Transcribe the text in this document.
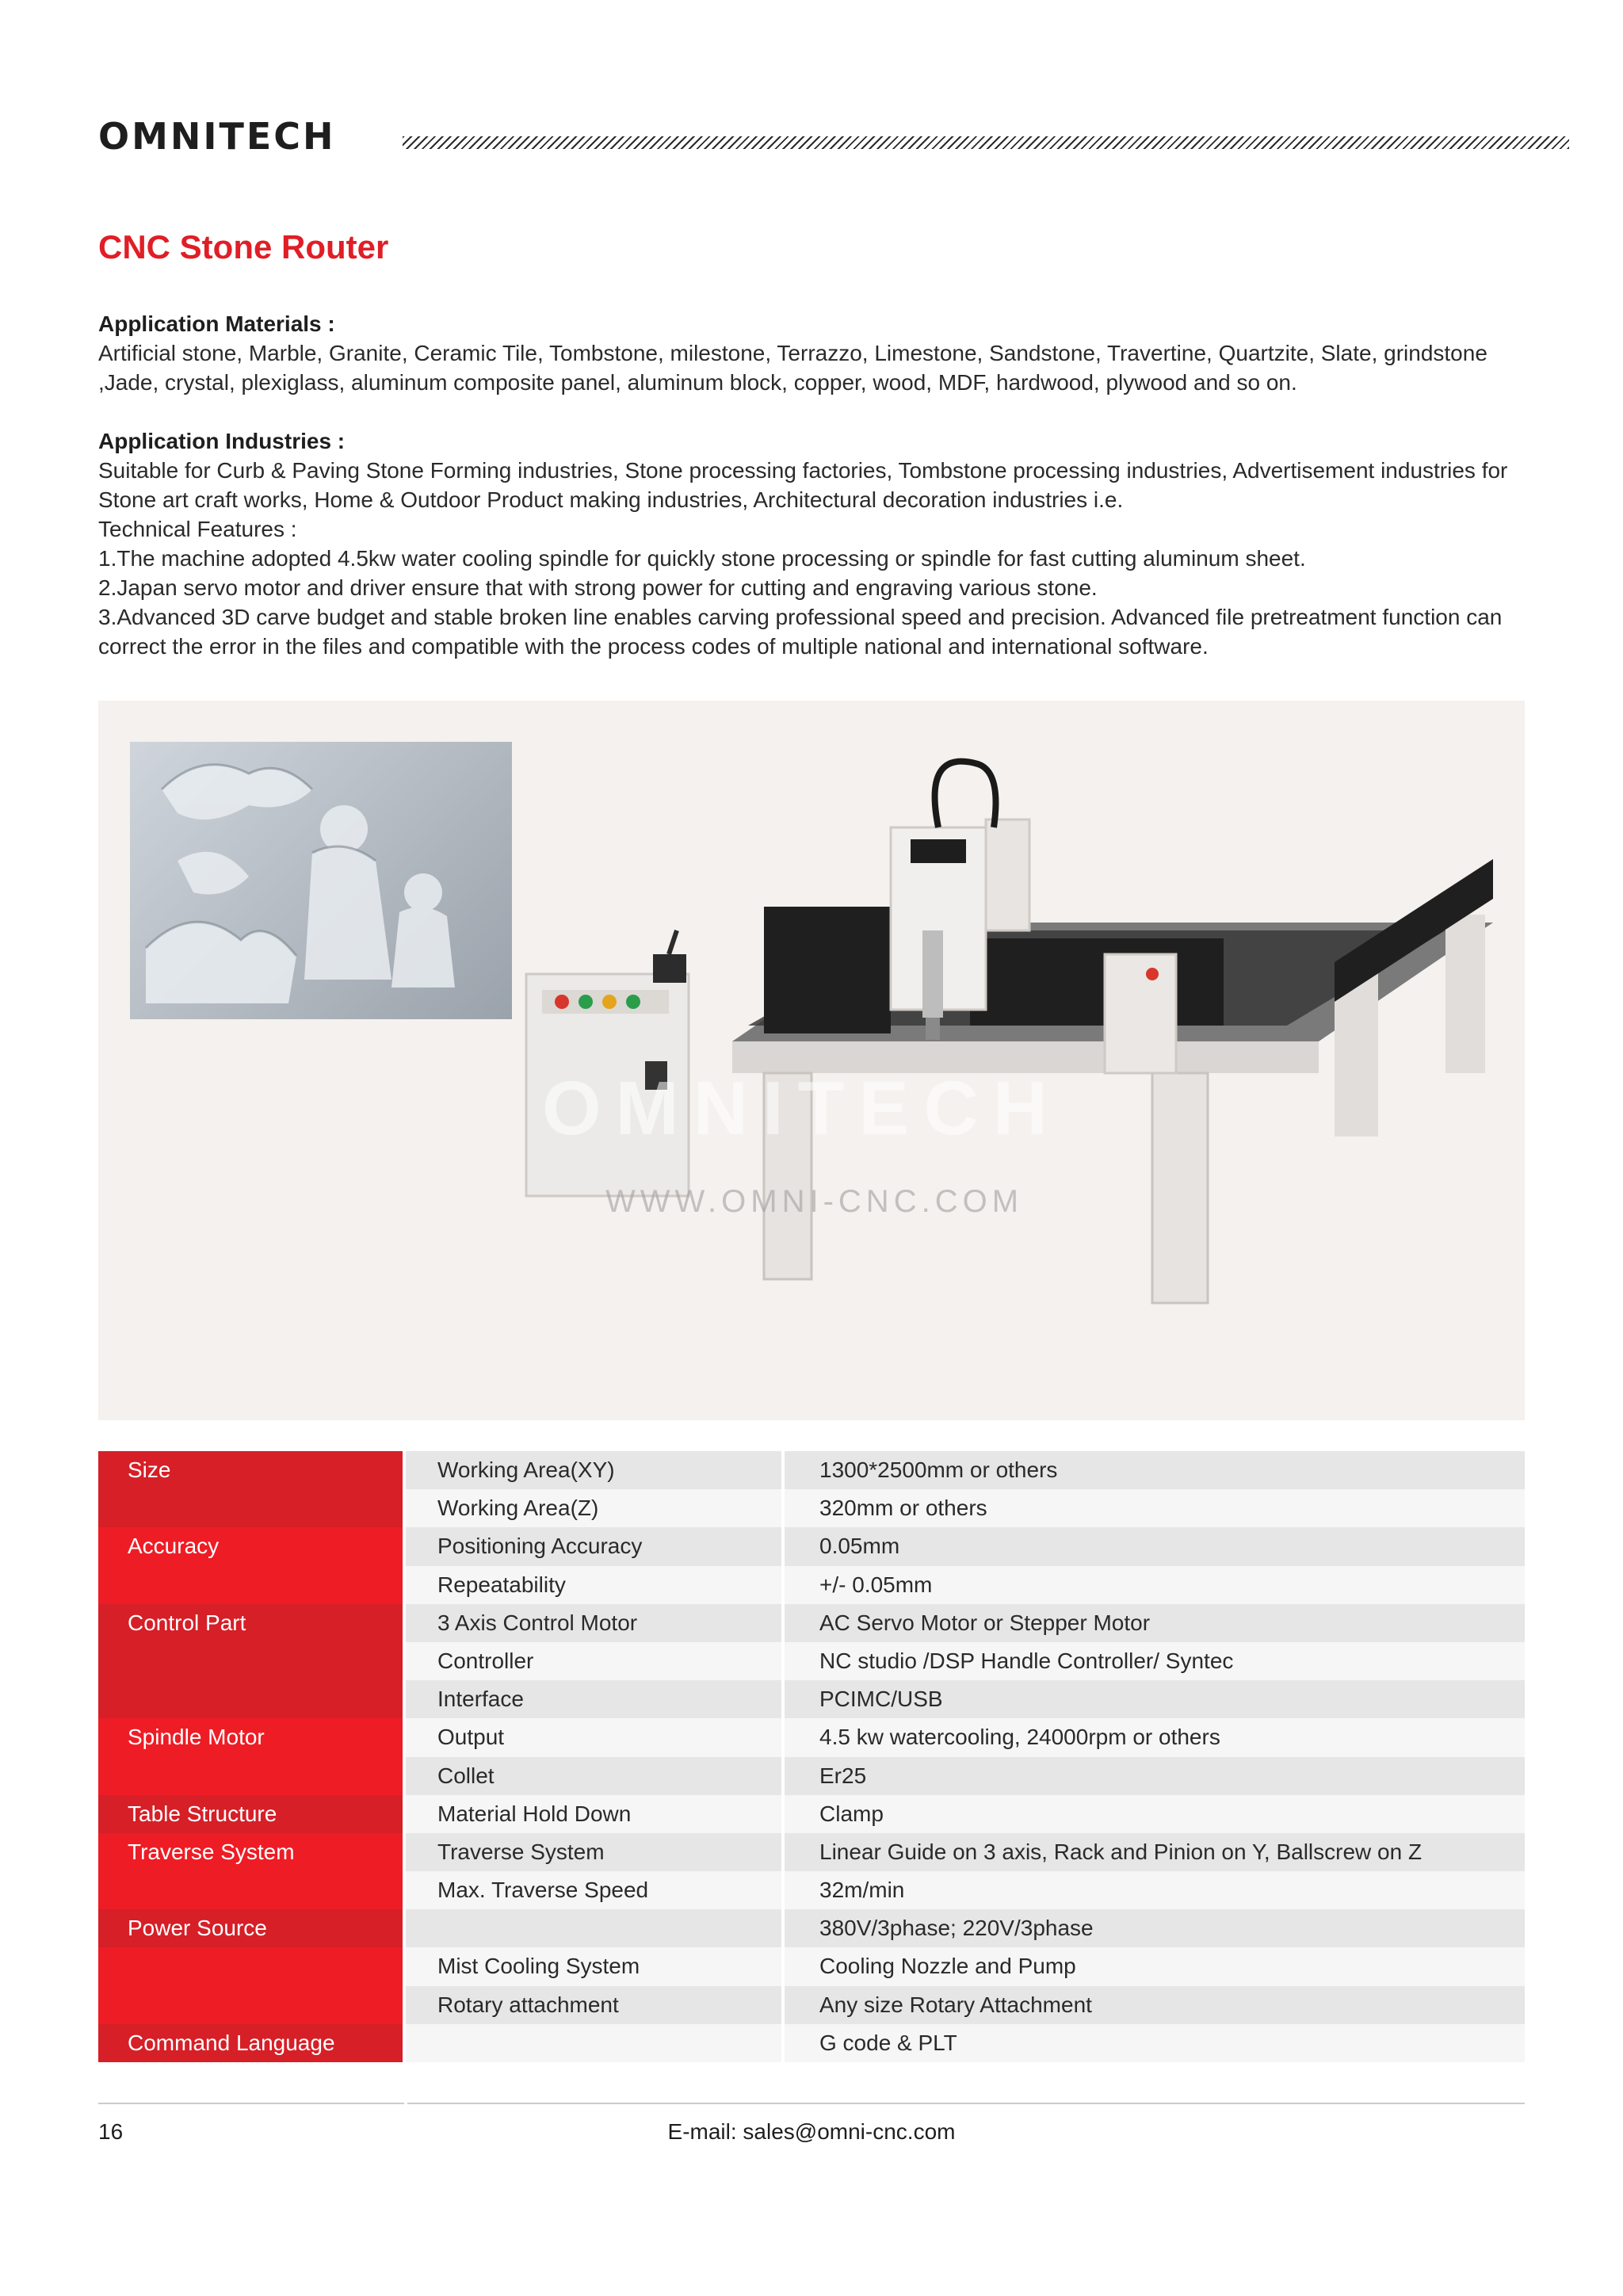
OMNITECH
CNC Stone Router

Application Materials :

Artificial stone, Marble, Granite, Ceramic Tile, Tombstone, milestone, Terrazzo, Limestone, Sandstone, Travertine, Quartzite, Slate, grindstone ,Jade, crystal, plexiglass, aluminum composite panel, aluminum block, copper, wood, MDF, hardwood, plywood and so on.

Application Industries :

Suitable for Curb & Paving Stone Forming industries, Stone processing factories, Tombstone processing industries, Advertisement industries for Stone art craft works, Home & Outdoor Product making industries, Architectural decoration industries i.e.

Technical Features :

1.The machine adopted 4.5kw water cooling spindle for quickly stone processing or spindle for fast cutting aluminum sheet.

2.Japan servo motor and driver ensure that with strong power for cutting and engraving various stone.

3.Advanced 3D carve budget and stable broken line enables carving professional speed and precision. Advanced file pretreatment function can correct the error in the files and compatible with the process codes of multiple national and international software.

OMNITECH
WWW.OMNI-CNC.COM
Size	Working Area(XY)	1300*2500mm or others

	Working Area(Z)	320mm or others

Accuracy	Positioning Accuracy	0.05mm

	Repeatability	+/- 0.05mm

Control Part	3 Axis Control Motor	AC Servo Motor or Stepper Motor

	Controller	NC studio /DSP Handle Controller/ Syntec

	Interface	PCIMC/USB

Spindle Motor	Output	4.5 kw watercooling, 24000rpm or others

	Collet	Er25

Table Structure	Material Hold Down	Clamp

Traverse System	Traverse System	Linear Guide on 3 axis, Rack and Pinion on Y, Ballscrew on Z

	Max. Traverse Speed	32m/min

Power Source		380V/3phase; 220V/3phase

	Mist Cooling System	Cooling Nozzle and Pump

	Rotary attachment	Any size Rotary Attachment

Command Language		G code & PLT
16	E-mail: sales@omni-cnc.com
